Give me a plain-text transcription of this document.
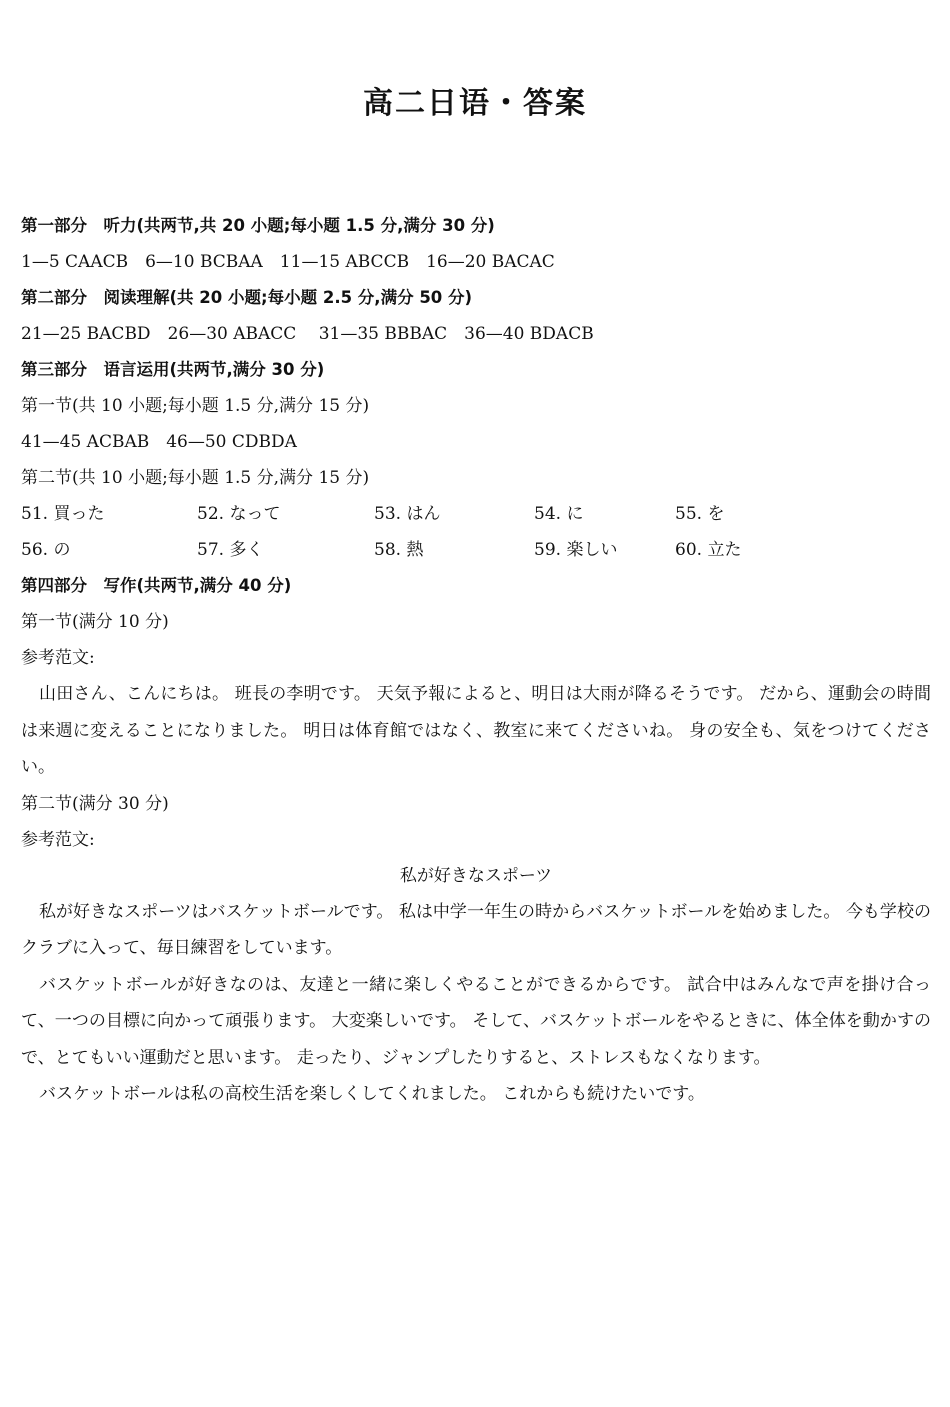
高二日语・答案
第一部分　听力(共两节,共 20 小题;每小题 1.5 分,满分 30 分)
1—5 CAACB　6—10 BCBAA　11—15 ABCCB　16—20 BACAC
第二部分　阅读理解(共 20 小题;每小题 2.5 分,满分 50 分)
21—25 BACBD　26—30 ABACC　 31—35 BBBAC　36—40 BDACB
第三部分　语言运用(共两节,满分 30 分)
第一节(共 10 小题;每小题 1.5 分,满分 15 分)
41—45 ACBAB　46—50 CDBDA
第二节(共 10 小题;每小题 1.5 分,满分 15 分)
51. 買った	52. なって	53. はん	54. に	55. を
56. の	57. 多く	58. 熱	59. 楽しい	60. 立た
第四部分　写作(共两节,满分 40 分)
第一节(满分 10 分)
参考范文:

山田さん、こんにちは。 班長の李明です。 天気予報によると、明日は大雨が降るそうです。 だから、運動会の時間は来週に変えることになりました。 明日は体育館ではなく、教室に来てくださいね。 身の安全も、気をつけてください。

第二节(满分 30 分)
参考范文:
私が好きなスポーツ

私が好きなスポーツはバスケットボールです。 私は中学一年生の時からバスケットボールを始めました。 今も学校のクラブに入って、毎日練習をしています。

バスケットボールが好きなのは、友達と一緒に楽しくやることができるからです。 試合中はみんなで声を掛け合って、一つの目標に向かって頑張ります。 大変楽しいです。 そして、バスケットボールをやるときに、体全体を動かすので、とてもいい運動だと思います。 走ったり、ジャンプしたりすると、ストレスもなくなります。

バスケットボールは私の高校生活を楽しくしてくれました。 これからも続けたいです。
